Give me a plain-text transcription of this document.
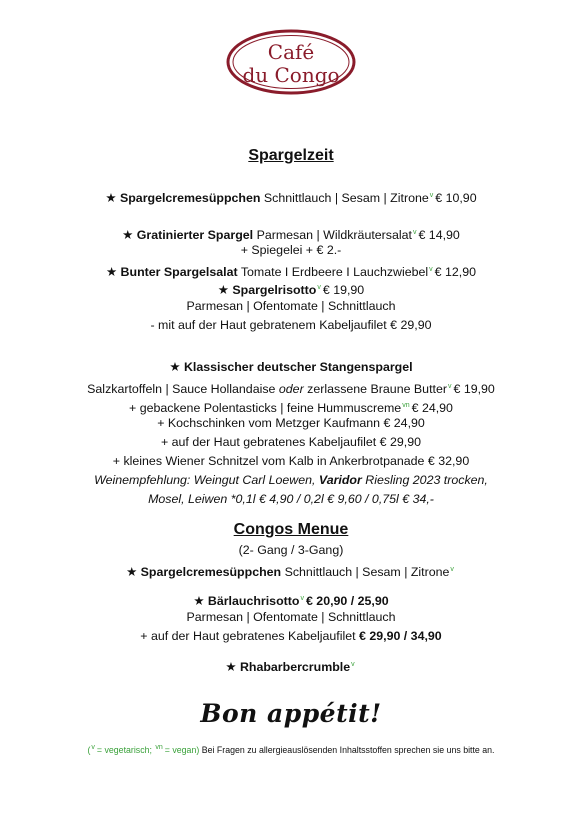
Café
du Congo
Spargelzeit
★ Spargelcremesüppchen Schnittlauch | Sesam | Zitrone$^v$ € 10,90
★ Gratinierter Spargel Parmesan | Wildkräutersalat$^v$ € 14,90
+ Spiegelei + € 2.-
★ Bunter Spargelsalat Tomate I Erdbeere I Lauchzwiebel$^v$ € 12,90
★ Spargelrisotto$^v$ € 19,90
Parmesan | Ofentomate | Schnittlauch
- mit auf der Haut gebratenem Kabeljaufilet € 29,90
★ Klassischer deutscher Stangenspargel
Salzkartoffeln | Sauce Hollandaise oder zerlassene Braune Butter$^v$ € 19,90
+ gebackene Polentasticks | feine Hummuscreme$^{vn}$ € 24,90
+ Kochschinken vom Metzger Kaufmann € 24,90
+ auf der Haut gebratenes Kabeljaufilet € 29,90
+ kleines Wiener Schnitzel vom Kalb in Ankerbrotpanade € 32,90
Weinempfehlung: Weingut Carl Loewen, Varidor Riesling 2023 trocken,
Mosel, Leiwen *0,1l € 4,90 / 0,2l € 9,60 / 0,75l € 34,-
Congos Menue
(2- Gang / 3-Gang)
★ Spargelcremesüppchen Schnittlauch | Sesam | Zitrone$^v$
★ Bärlauchrisotto$^v$ € 20,90 / 25,90
Parmesan | Ofentomate | Schnittlauch
+ auf der Haut gebratenes Kabeljaufilet € 29,90 / 34,90
★ Rhabarbercrumble$^v$
Bon appétit!
($^v$ = vegetarisch; $^{vn}$ = vegan) Bei Fragen zu allergieauslösenden Inhaltsstoffen sprechen sie uns bitte an.
